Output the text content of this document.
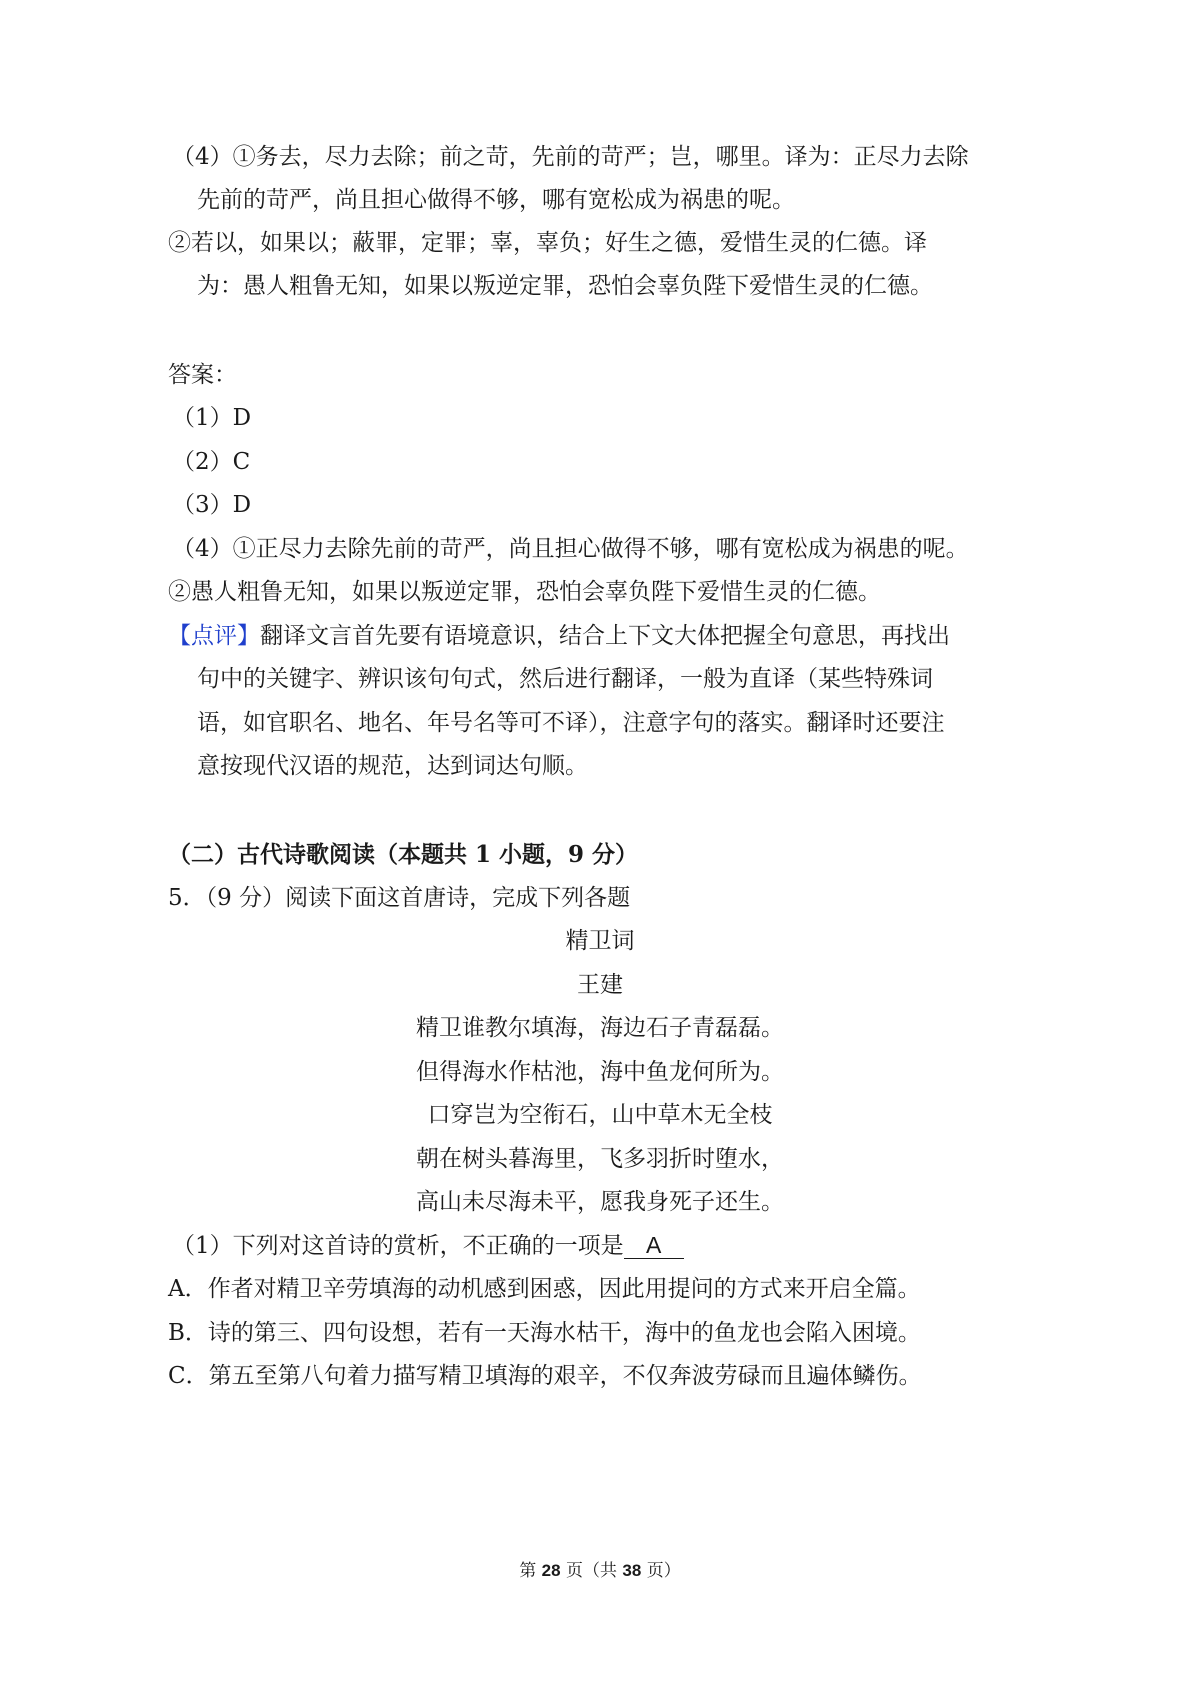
（4）①务去，尽力去除；前之苛，先前的苛严；岂，哪里。译为：正尽力去除
先前的苛严，尚且担心做得不够，哪有宽松成为祸患的呢。
②若以，如果以；蔽罪，定罪；辜，辜负；好生之德，爱惜生灵的仁德。译
为：愚人粗鲁无知，如果以叛逆定罪，恐怕会辜负陛下爱惜生灵的仁德。
答案：
（1）D
（2）C
（3）D
（4）①正尽力去除先前的苛严，尚且担心做得不够，哪有宽松成为祸患的呢。
②愚人粗鲁无知，如果以叛逆定罪，恐怕会辜负陛下爱惜生灵的仁德。
【点评】翻译文言首先要有语境意识，结合上下文大体把握全句意思，再找出
句中的关键字、辨识该句句式，然后进行翻译，一般为直译（某些特殊词
语，如官职名、地名、年号名等可不译），注意字句的落实。翻译时还要注
意按现代汉语的规范，达到词达句顺。
（二）古代诗歌阅读（本题共 1 小题，9 分）
5．（9 分）阅读下面这首唐诗，完成下列各题
精卫词
王建
精卫谁教尔填海，海边石子青磊磊。
但得海水作枯池，海中鱼龙何所为。
口穿岂为空衔石，山中草木无全枝
朝在树头暮海里，飞多羽折时堕水，
高山未尽海未平，愿我身死子还生。
（1）下列对这首诗的赏析，不正确的一项是 A
A．作者对精卫辛劳填海的动机感到困惑，因此用提问的方式来开启全篇。
B．诗的第三、四句设想，若有一天海水枯干，海中的鱼龙也会陷入困境。
C．第五至第八句着力描写精卫填海的艰辛，不仅奔波劳碌而且遍体鳞伤。
第 28 页（共 38 页）
